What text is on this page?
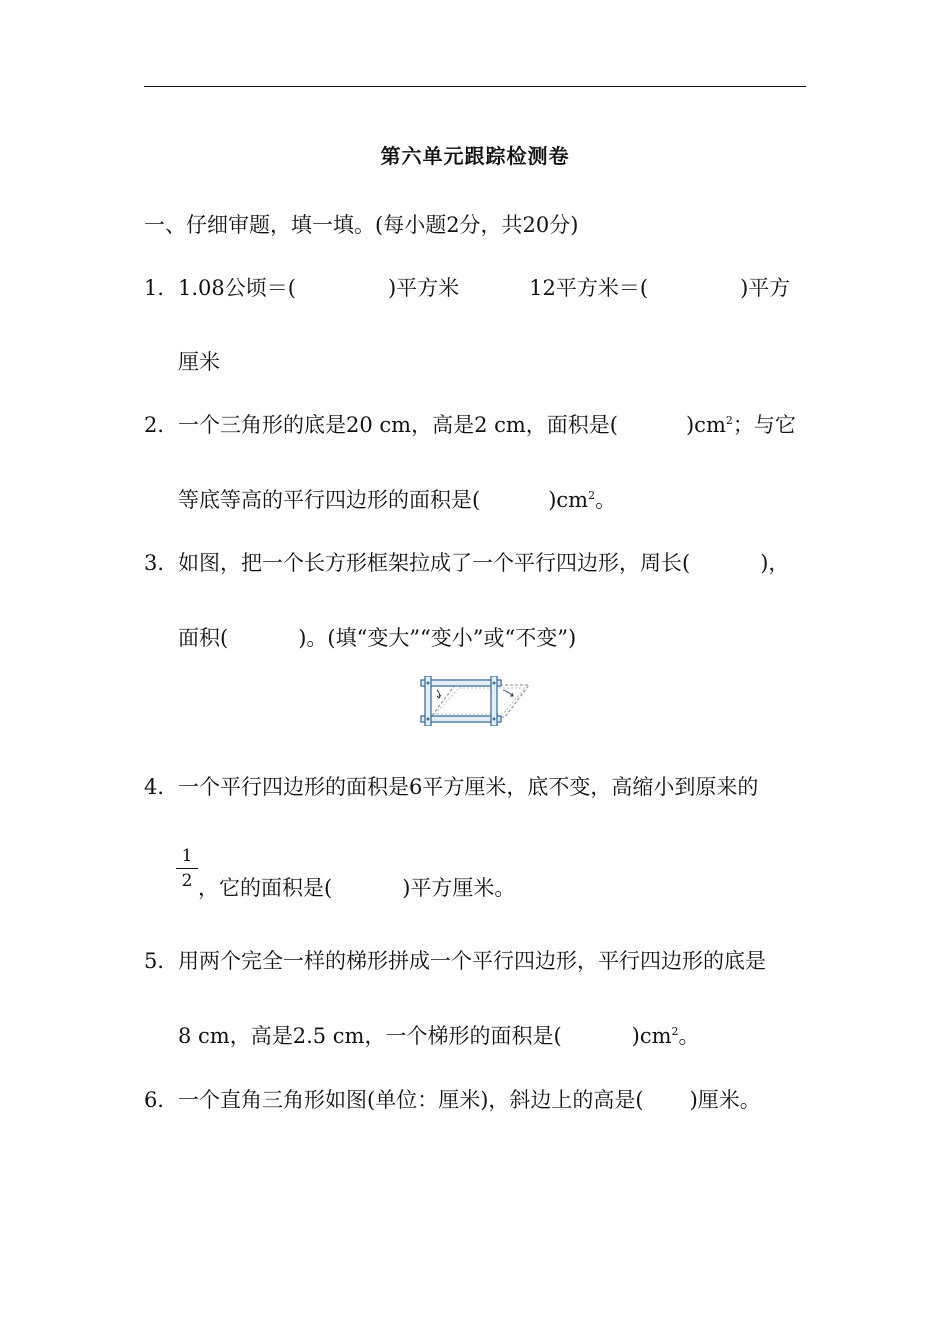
第六单元跟踪检测卷
一、仔细审题，填一填。(每小题2分，共20分)
1．1.08公顷＝(	)平方米	12平方米＝(	)平方
厘米
2．一个三角形的底是20 cm，高是2 cm，面积是(	)$cm^2$；与它
等底等高的平行四边形的面积是(	)$cm^2$。
3．如图，把一个长方形框架拉成了一个平行四边形，周长(	)，
面积(	)。(填“变大”“变小”或“不变”)
4．一个平行四边形的面积是6平方厘米，底不变，高缩小到原来的
1
2 ，它的面积是(	)平方厘米。
5．用两个完全一样的梯形拼成一个平行四边形，平行四边形的底是
8 cm，高是2.5 cm，一个梯形的面积是(	)$cm^2$。
6．一个直角三角形如图(单位：厘米)，斜边上的高是( )厘米。
